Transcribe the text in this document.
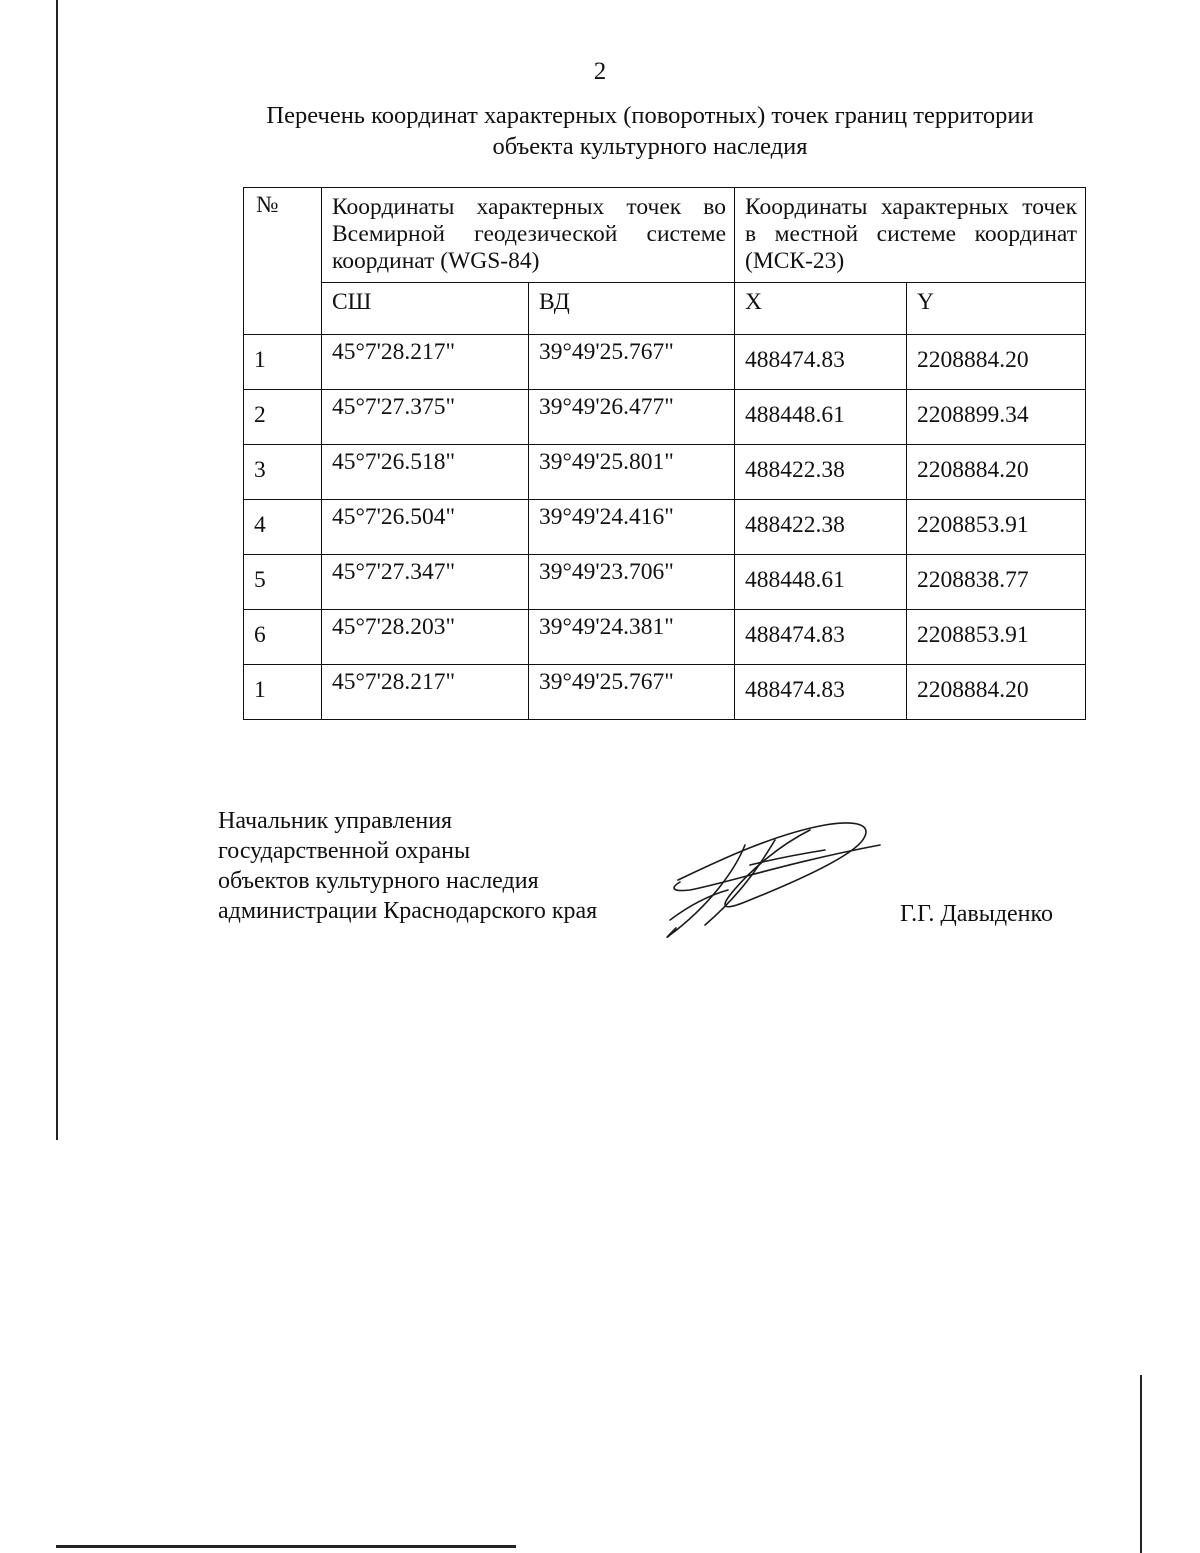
2
Перечень координат характерных (поворотных) точек границ территории
объекта культурного наследия
№	Координаты характерных точек во Всемирной геодезической системе координат (WGS-84)		Координаты характерных точек в местной системе координат (МСК-23)	
	СШ	ВД	X	Y
1	45°7'28.217"	39°49'25.767"	488474.83	2208884.20
2	45°7'27.375"	39°49'26.477"	488448.61	2208899.34
3	45°7'26.518"	39°49'25.801"	488422.38	2208884.20
4	45°7'26.504"	39°49'24.416"	488422.38	2208853.91
5	45°7'27.347"	39°49'23.706"	488448.61	2208838.77
6	45°7'28.203"	39°49'24.381"	488474.83	2208853.91
1	45°7'28.217"	39°49'25.767"	488474.83	2208884.20
Начальник управления
государственной охраны
объектов культурного наследия
администрации Краснодарского края	Г.Г. Давыденко
